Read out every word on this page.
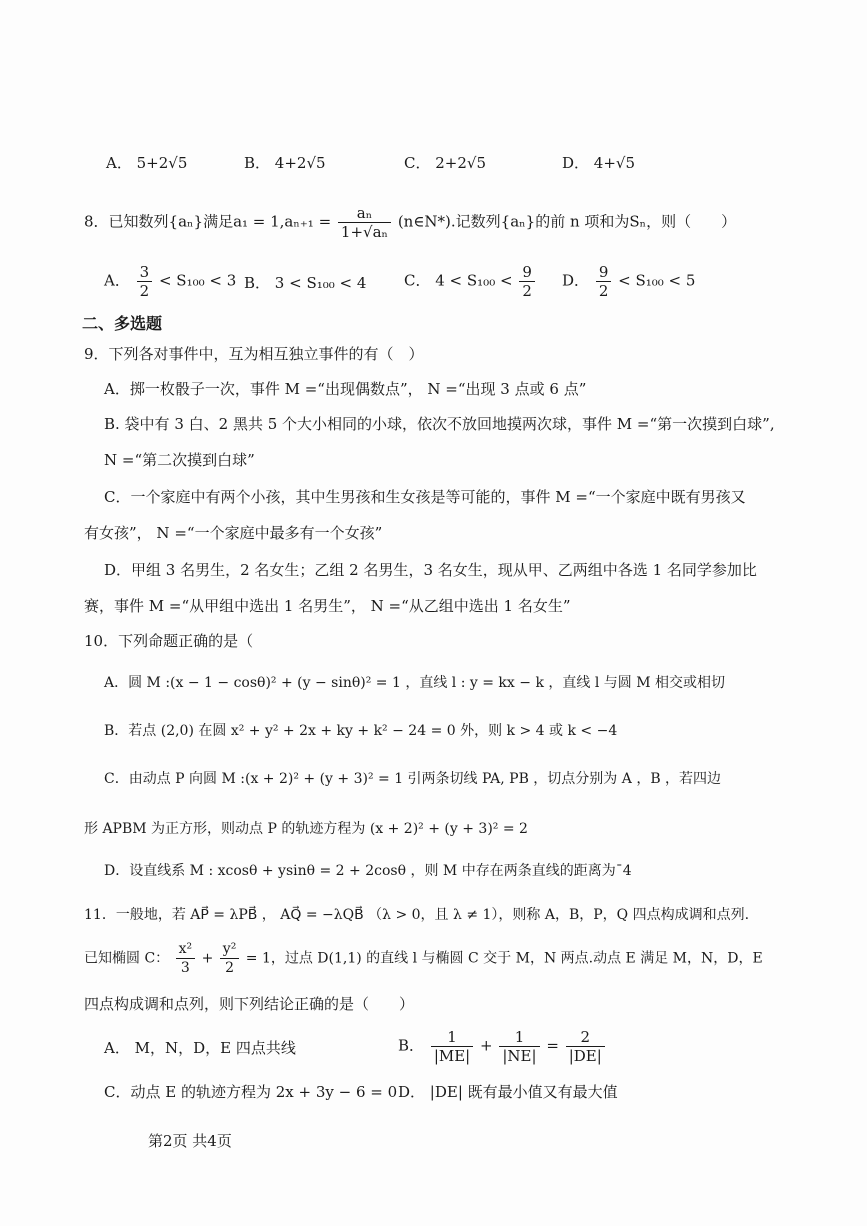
A． 5+2√5	B． 4+2√5	C． 2+2√5	D． 4+√5
8．已知数列{aₙ}满足$a_1 = 1,a_{n+1} = \frac{\text{aₙ}}{\text{1+√aₙ}}$ (n∈N*).记数列{aₙ}的前 n 项和为Sₙ，则（　　）
A． $\frac{3}{2} < S_{100} < 3$ B． 3 < S₁₀₀ < 4	C． $4 < S_{100} < \frac{9}{2}$ D． $\frac{9}{2} < S_{100} < 5$
二、多选题
9．下列各对事件中，互为相互独立事件的有（　）
A．掷一枚骰子一次，事件 M =“出现偶数点”， N =“出现 3 点或 6 点”
B. 袋中有 3 白、2 黑共 5 个大小相同的小球，依次不放回地摸两次球，事件 M =“第一次摸到白球”,
N =“第二次摸到白球”
C．一个家庭中有两个小孩，其中生男孩和生女孩是等可能的，事件 M =“一个家庭中既有男孩又
有女孩”， N =“一个家庭中最多有一个女孩”
D．甲组 3 名男生，2 名女生；乙组 2 名男生，3 名女生，现从甲、乙两组中各选 1 名同学参加比
赛，事件 M =“从甲组中选出 1 名男生”， N =“从乙组中选出 1 名女生”
10．下列命题正确的是（
A．圆 M :(x − 1 − cosθ)² + (y − sinθ)² = 1 ，直线 l : y = kx − k ，直线 l 与圆 M 相交或相切
B．若点 (2,0) 在圆 x² + y² + 2x + ky + k² − 24 = 0 外，则 k > 4 或 k < −4
C．由动点 P 向圆 M :(x + 2)² + (y + 3)² = 1 引两条切线 PA, PB ，切点分别为 A ，B ，若四边
形 APBM 为正方形，则动点 P 的轨迹方程为 (x + 2)² + (y + 3)² = 2
D．设直线系 M : xcosθ + ysinθ = 2 + 2cosθ ，则 M 中存在两条直线的距离为ˉ4
11．一般地，若 AP⃗ = λPB⃗ ， AQ⃗ = −λQB⃗ （λ > 0，且 λ ≠ 1），则称 A，B，P，Q 四点构成调和点列.
已知椭圆 C： $\frac{\text{x²}}{3} + \frac{\text{y²}}{2} = 1$，过点 D(1,1) 的直线 l 与椭圆 C 交于 M，N 两点.动点 E 满足 M，N，D，E
四点构成调和点列，则下列结论正确的是（　　）
A． M，N，D，E 四点共线	B． $\frac{1}{|ME|} + \frac{1}{|NE|} = \frac{2}{|DE|}$
C．动点 E 的轨迹方程为 2x + 3y − 6 = 0 D． |DE| 既有最小值又有最大值
第2页 共4页
